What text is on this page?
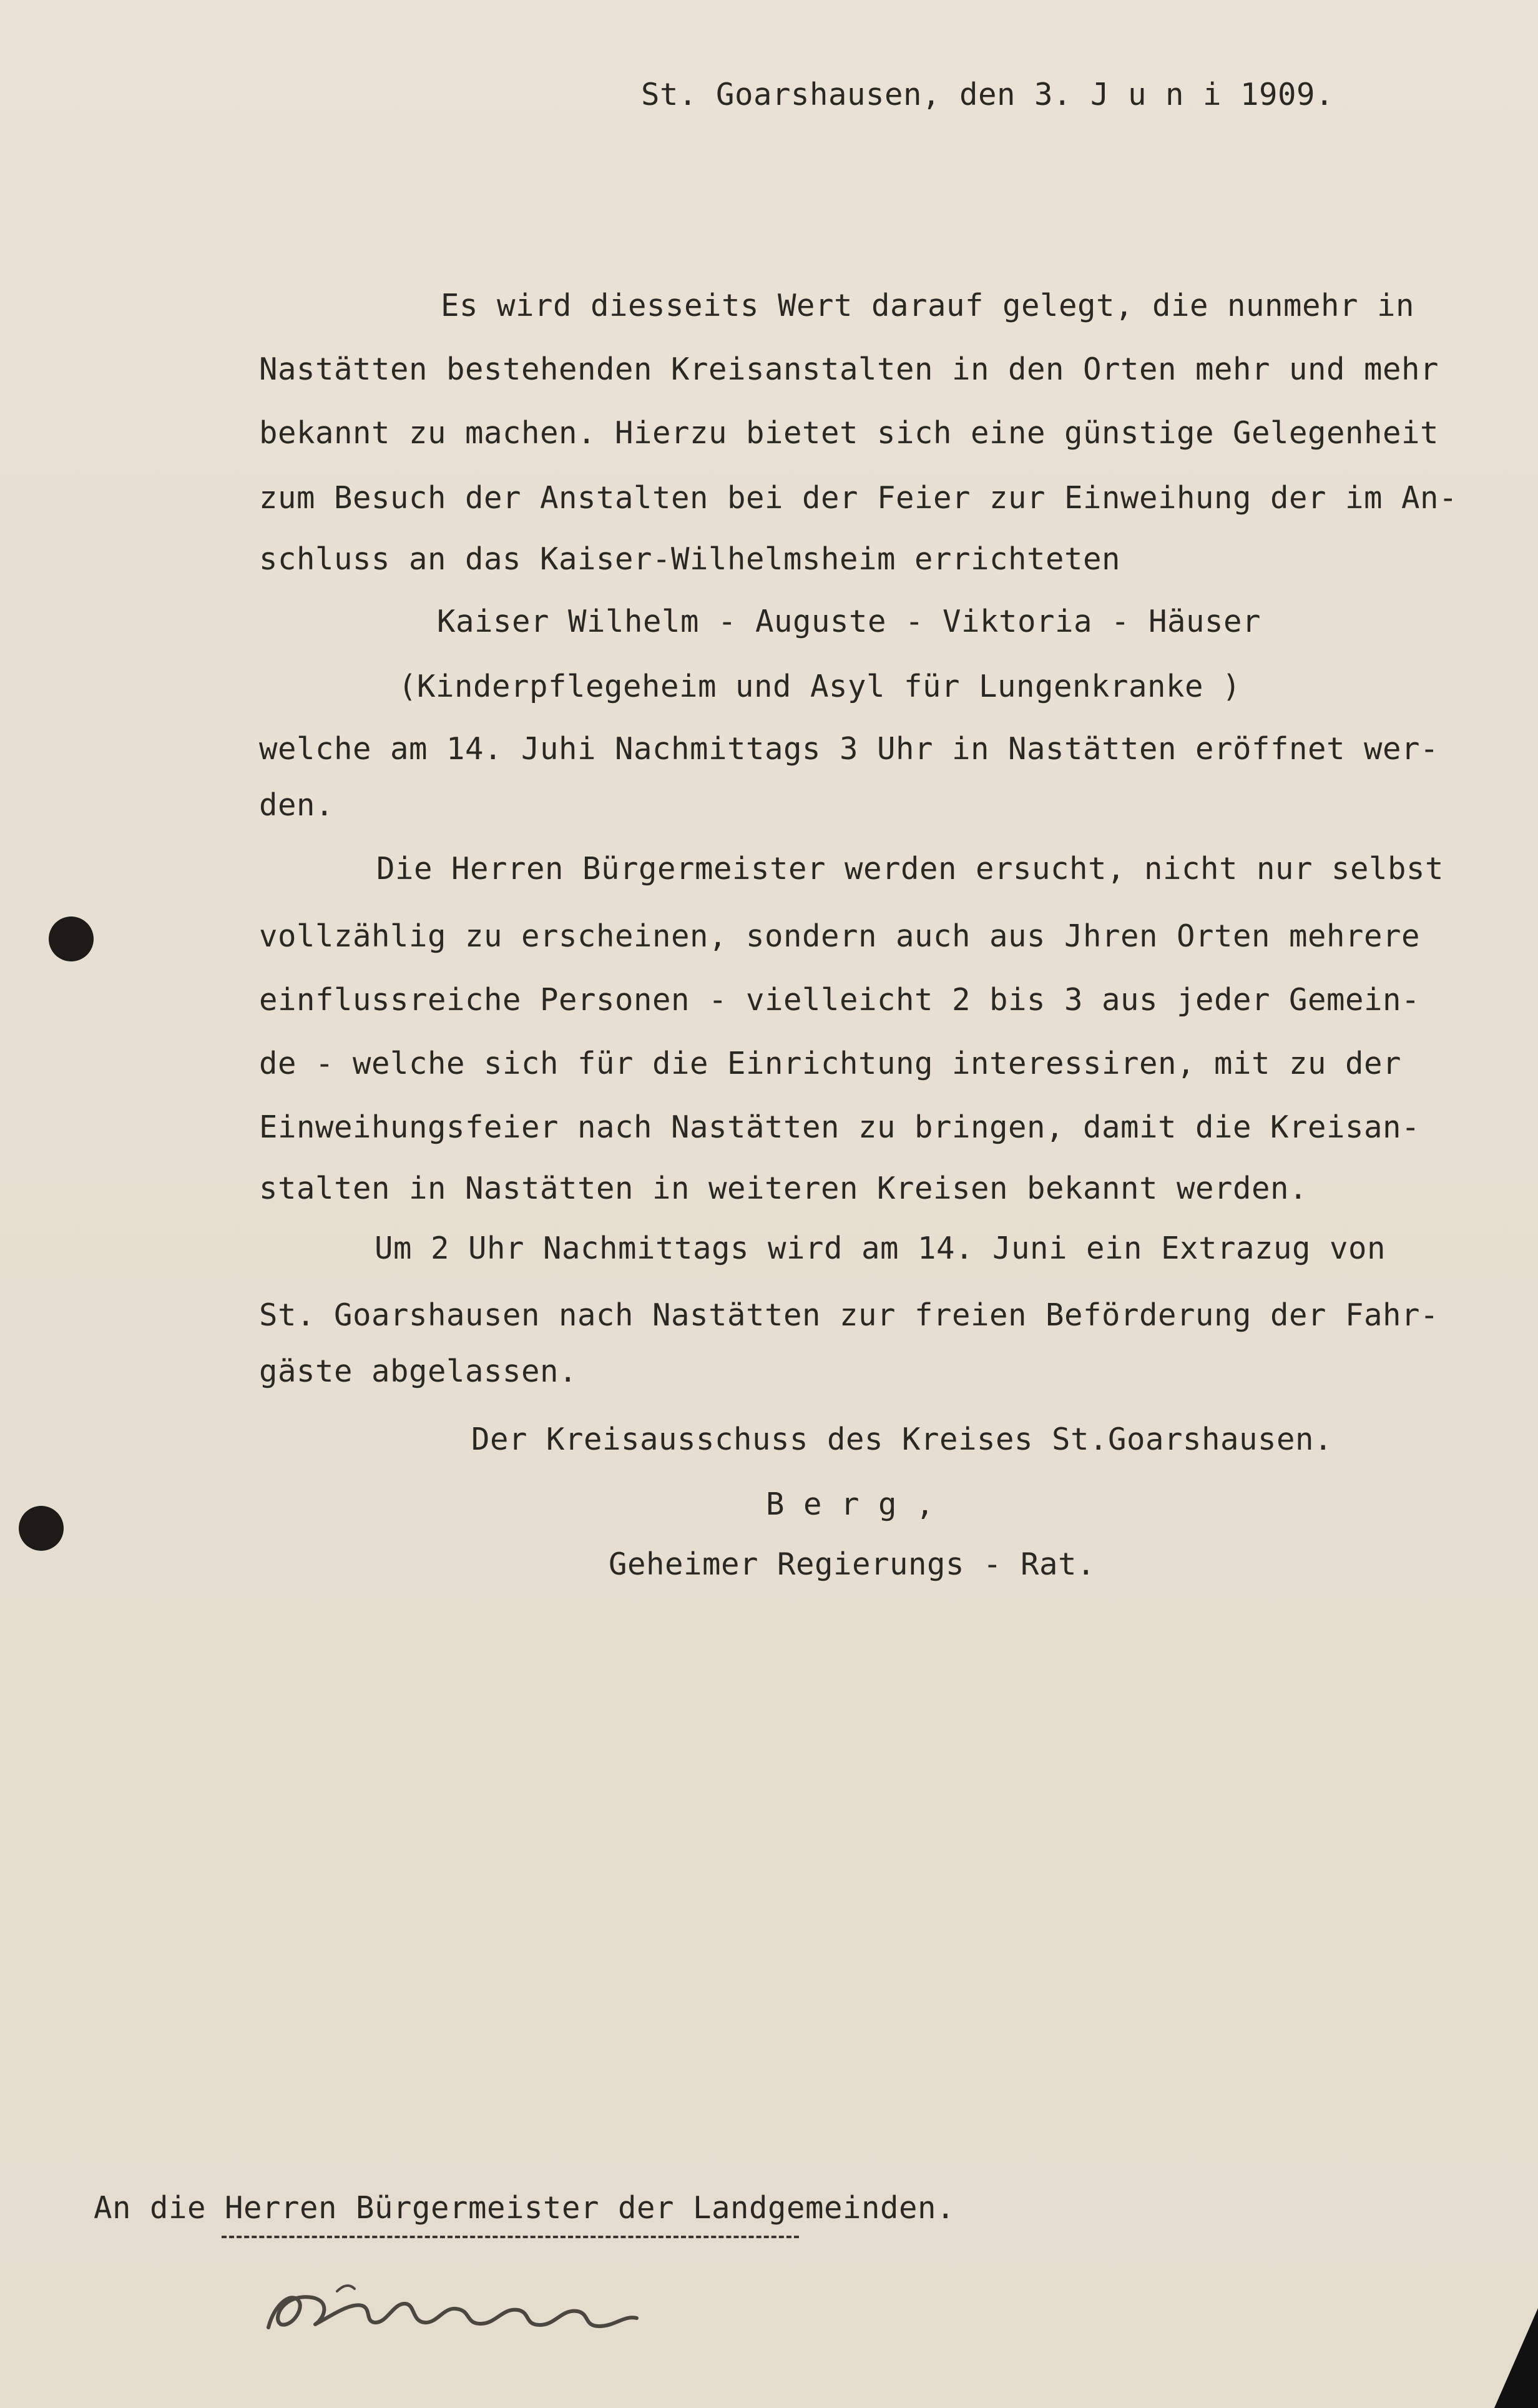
St. Goarshausen, den 3. J u n i 1909.
Es wird diesseits Wert darauf gelegt, die nunmehr in
Nastätten bestehenden Kreisanstalten in den Orten mehr und mehr
bekannt zu machen. Hierzu bietet sich eine günstige Gelegenheit
zum Besuch der Anstalten bei der Feier zur Einweihung der im An-
schluss an das Kaiser-Wilhelmsheim errichteten
Kaiser Wilhelm - Auguste - Viktoria - Häuser
(Kinderpflegeheim und Asyl für Lungenkranke )
welche am 14. Juhi Nachmittags 3 Uhr in Nastätten eröffnet wer-
den.
Die Herren Bürgermeister werden ersucht, nicht nur selbst
vollzählig zu erscheinen, sondern auch aus Jhren Orten mehrere
einflussreiche Personen - vielleicht 2 bis 3 aus jeder Gemein-
de - welche sich für die Einrichtung interessiren, mit zu der
Einweihungsfeier nach Nastätten zu bringen, damit die Kreisan-
stalten in Nastätten in weiteren Kreisen bekannt werden.
Um 2 Uhr Nachmittags wird am 14. Juni ein Extrazug von
St. Goarshausen nach Nastätten zur freien Beförderung der Fahr-
gäste abgelassen.
Der Kreisausschuss des Kreises St.Goarshausen.
B e r g ,
Geheimer Regierungs - Rat.
An die Herren Bürgermeister der Landgemeinden.
